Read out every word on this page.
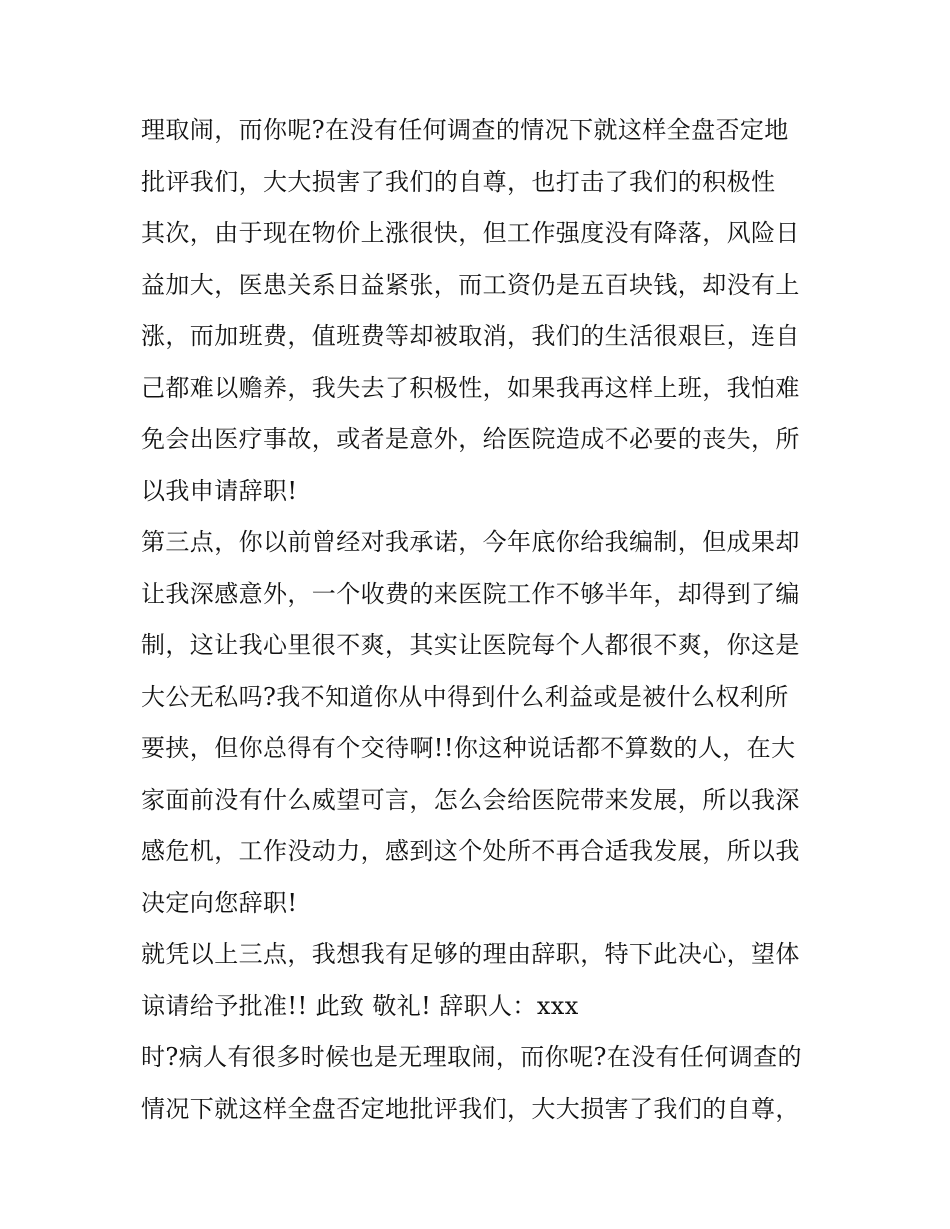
理取闹，而你呢?在没有任何调查的情况下就这样全盘否定地
批评我们，大大损害了我们的自尊，也打击了我们的积极性
其次，由于现在物价上涨很快，但工作强度没有降落，风险日
益加大，医患关系日益紧张，而工资仍是五百块钱，却没有上
涨，而加班费，值班费等却被取消，我们的生活很艰巨，连自
己都难以赡养，我失去了积极性，如果我再这样上班，我怕难
免会出医疗事故，或者是意外，给医院造成不必要的丧失，所
以我申请辞职!
第三点，你以前曾经对我承诺，今年底你给我编制，但成果却
让我深感意外，一个收费的来医院工作不够半年，却得到了编
制，这让我心里很不爽，其实让医院每个人都很不爽，你这是
大公无私吗?我不知道你从中得到什么利益或是被什么权利所
要挟，但你总得有个交待啊!!你这种说话都不算数的人，在大
家面前没有什么威望可言，怎么会给医院带来发展，所以我深
感危机，工作没动力，感到这个处所不再合适我发展，所以我
决定向您辞职!
就凭以上三点，我想我有足够的理由辞职，特下此决心，望体
谅请给予批准!! 此致 敬礼! 辞职人：xxx
时?病人有很多时候也是无理取闹，而你呢?在没有任何调查的
情况下就这样全盘否定地批评我们，大大损害了我们的自尊，
